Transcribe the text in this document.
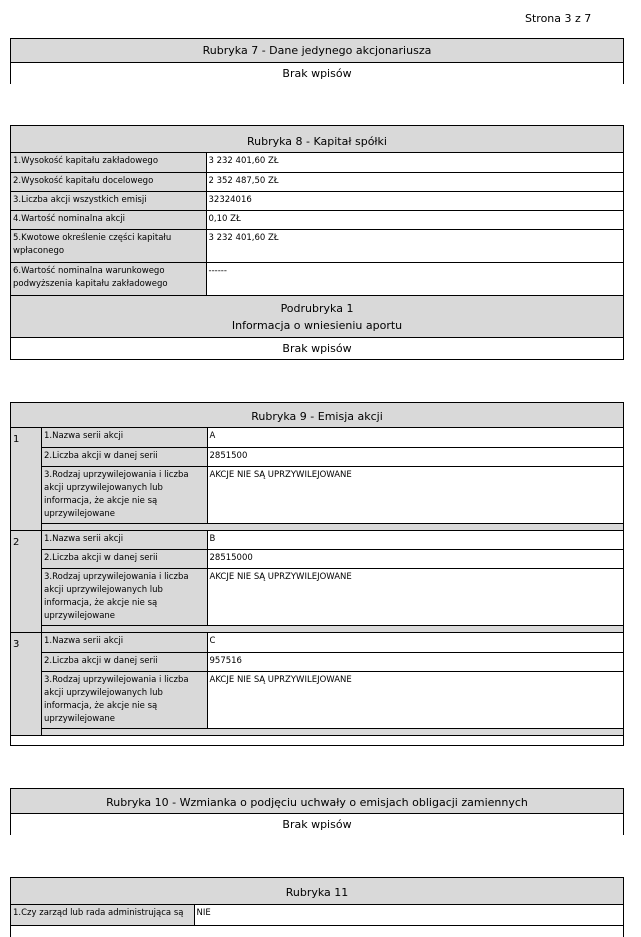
Strona 3 z 7
Rubryka 7 - Dane jedynego akcjonariusza
Brak wpisów
Rubryka 8 - Kapitał spółki
1.Wysokość kapitału zakładowego	3 232 401,60 ZŁ
2.Wysokość kapitału docelowego	2 352 487,50 ZŁ
3.Liczba akcji wszystkich emisji	32324016
4.Wartość nominalna akcji	0,10 ZŁ
5.Kwotowe określenie części kapitału wpłaconego	3 232 401,60 ZŁ
6.Wartość nominalna warunkowego podwyższenia kapitału zakładowego	------
Podrubryka 1
Informacja o wniesieniu aportu
Brak wpisów
Rubryka 9 - Emisja akcji
1	1.Nazwa serii akcji	A
2.Liczba akcji w danej serii	2851500
3.Rodzaj uprzywilejowania i liczba akcji uprzywilejowanych lub informacja, że akcje nie są uprzywilejowane	AKCJE NIE SĄ UPRZYWILEJOWANE
2	1.Nazwa serii akcji	B
2.Liczba akcji w danej serii	28515000
3.Rodzaj uprzywilejowania i liczba akcji uprzywilejowanych lub informacja, że akcje nie są uprzywilejowane	AKCJE NIE SĄ UPRZYWILEJOWANE
3	1.Nazwa serii akcji	C
2.Liczba akcji w danej serii	957516
3.Rodzaj uprzywilejowania i liczba akcji uprzywilejowanych lub informacja, że akcje nie są uprzywilejowane	AKCJE NIE SĄ UPRZYWILEJOWANE
Rubryka 10 - Wzmianka o podjęciu uchwały o emisjach obligacji zamiennych
Brak wpisów
Rubryka 11
1.Czy zarząd lub rada administrująca są	NIE
